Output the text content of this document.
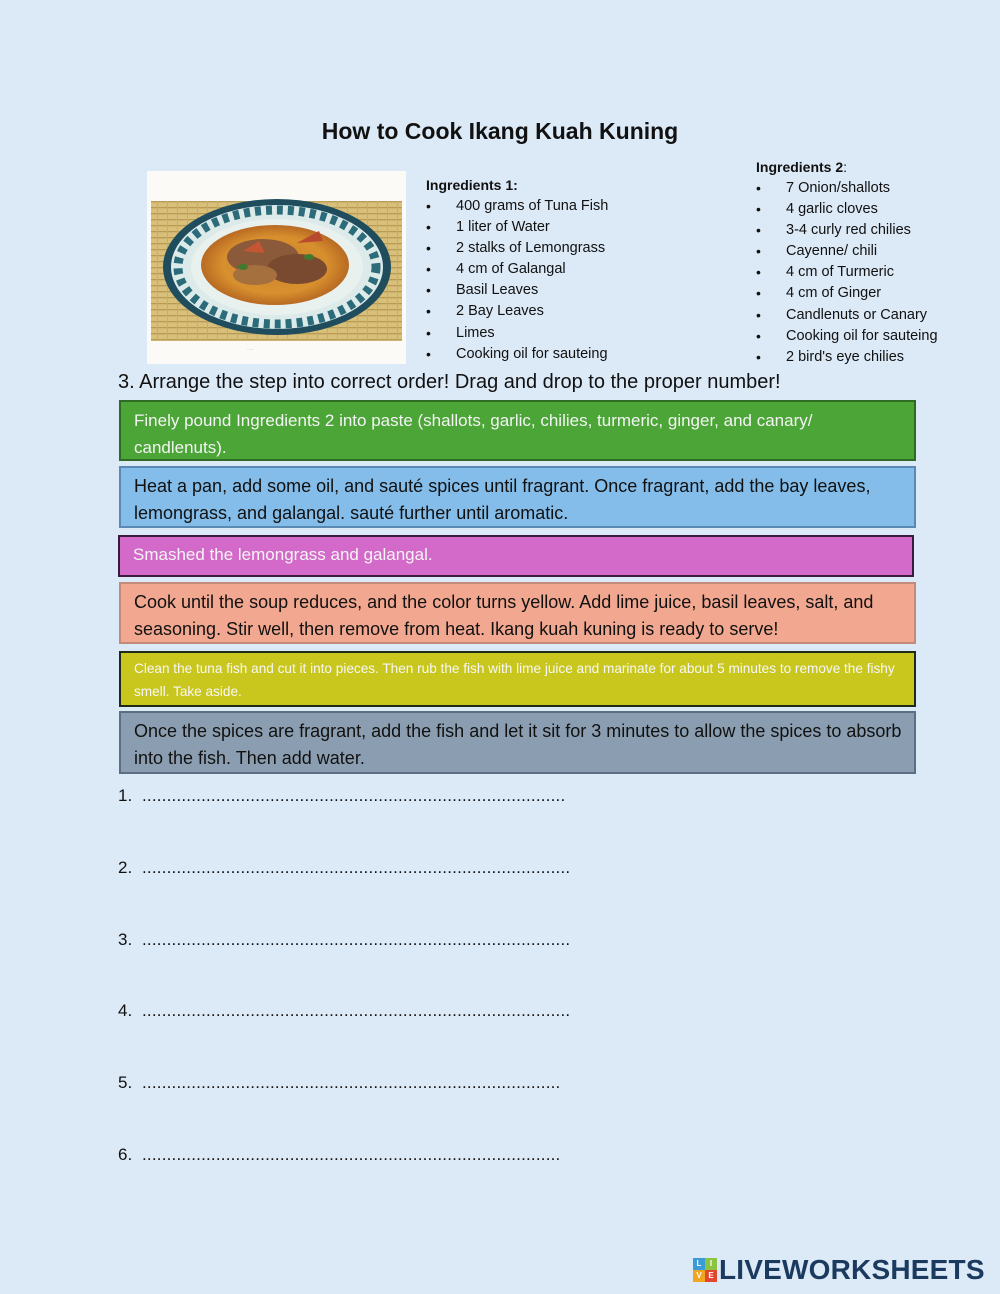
How to Cook Ikang Kuah Kuning
·····
Ingredients 1:
• 400 grams of Tuna Fish
• 1 liter of Water
• 2 stalks of Lemongrass
• 4 cm of Galangal
• Basil Leaves
• 2 Bay Leaves
• Limes
• Cooking oil for sauteing
Ingredients 2:
• 7 Onion/shallots
• 4 garlic cloves
• 3-4 curly red chilies
• Cayenne/ chili
• 4 cm of Turmeric
• 4 cm of Ginger
• Candlenuts or Canary
• Cooking oil for sauteing
• 2 bird's eye chilies
3. Arrange the step into correct order! Drag and drop to the proper number!
Finely pound Ingredients 2 into paste (shallots, garlic, chilies, turmeric, ginger, and canary/ candlenuts).
Heat a pan, add some oil, and sauté spices until fragrant. Once fragrant, add the bay leaves, lemongrass, and galangal. sauté further until aromatic.
Smashed the lemongrass and galangal.
Cook until the soup reduces, and the color turns yellow. Add lime juice, basil leaves, salt, and seasoning. Stir well, then remove from heat. Ikang kuah kuning is ready to serve!
Clean the tuna fish and cut it into pieces. Then rub the fish with lime juice and marinate for about 5 minutes to remove the fishy smell. Take aside.
Once the spices are fragrant, add the fish and let it sit for 3 minutes to allow the spices to absorb into the fish. Then add water.
1. ......................................................................................
2. .......................................................................................
3. .......................................................................................
4. .......................................................................................
5. .....................................................................................
6. .....................................................................................
L	I
V E LIVEWORKSHEETS
